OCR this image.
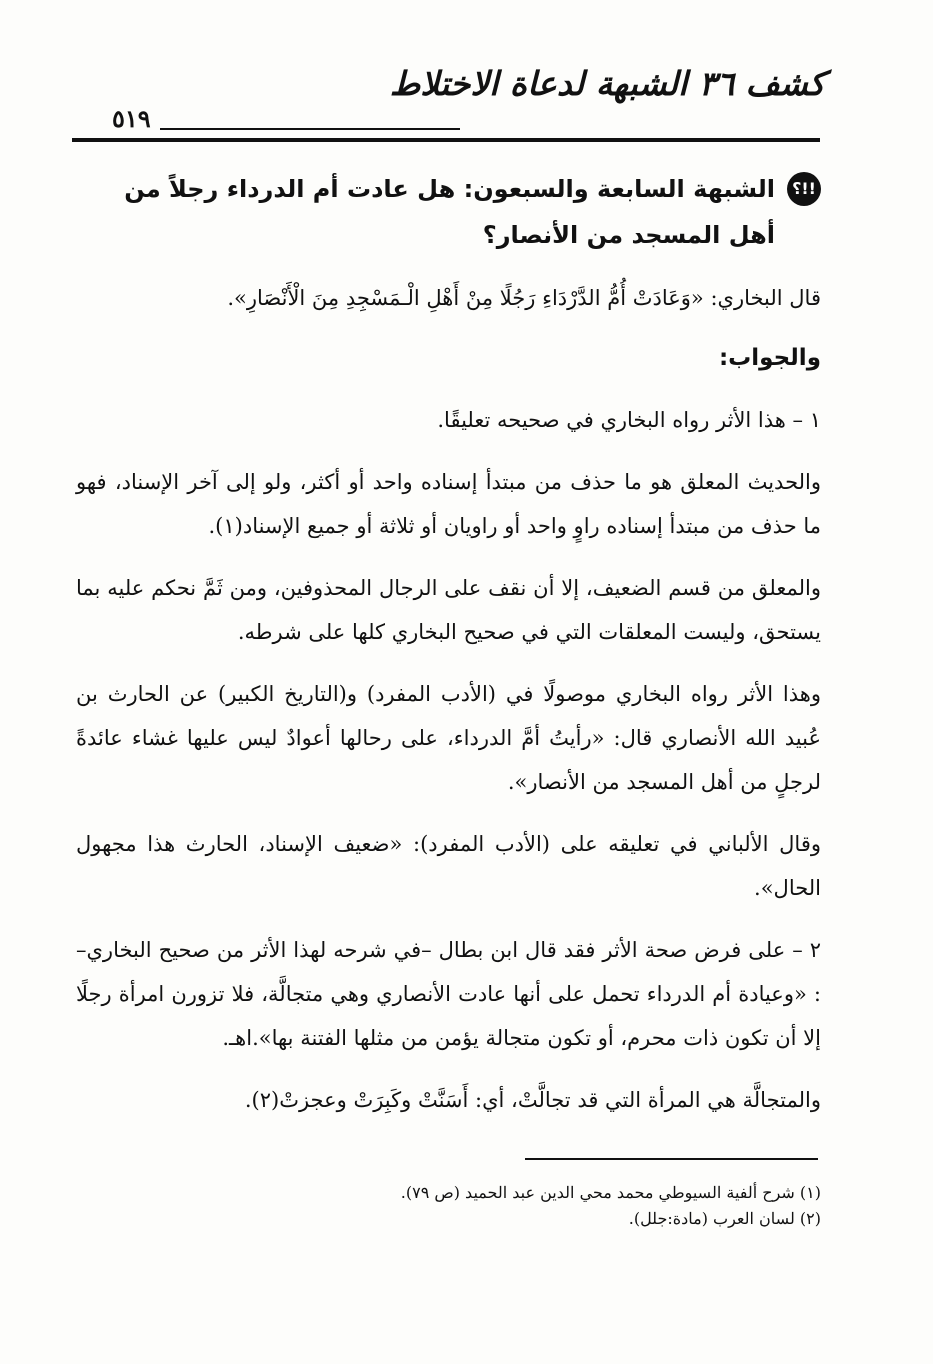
كشف ٣٦ الشبهة لدعاة الاختلاط
٥١٩
!!؟
الشبهة السابعة والسبعون: هل عادت أم الدرداء رجلاً من أهل المسجد من الأنصار؟

قال البخاري: «وَعَادَتْ أُمُّ الدَّرْدَاءِ رَجُلًا مِنْ أَهْلِ الْـمَسْجِدِ مِنَ الْأَنْصَارِ».

والجواب:

١ – هذا الأثر رواه البخاري في صحيحه تعليقًا.

والحديث المعلق هو ما حذف من مبتدأ إسناده واحد أو أكثر، ولو إلى آخر الإسناد، فهو ما حذف من مبتدأ إسناده راوٍ واحد أو راويان أو ثلاثة أو جميع الإسناد(١).

والمعلق من قسم الضعيف، إلا أن نقف على الرجال المحذوفين، ومن ثَمَّ نحكم عليه بما يستحق، وليست المعلقات التي في صحيح البخاري كلها على شرطه.

وهذا الأثر رواه البخاري موصولًا في (الأدب المفرد) و(التاريخ الكبير) عن الحارث بن عُبيد الله الأنصاري قال: «رأيتُ أمَّ الدرداء، على رحالها أعوادٌ ليس عليها غشاء عائدةً لرجلٍ من أهل المسجد من الأنصار».

وقال الألباني في تعليقه على (الأدب المفرد): «ضعيف الإسناد، الحارث هذا مجهول الحال».

٢ – على فرض صحة الأثر فقد قال ابن بطال –في شرحه لهذا الأثر من صحيح البخاري– : «وعيادة أم الدرداء تحمل على أنها عادت الأنصاري وهي متجالَّة، فلا تزورن امرأة رجلًا إلا أن تكون ذات محرم، أو تكون متجالة يؤمن من مثلها الفتنة بها».اهـ.

والمتجالَّة هي المرأة التي قد تجالَّتْ، أي: أَسَنَّتْ وكَبِرَتْ وعجزتْ(٢).

(١) شرح ألفية السيوطي محمد محي الدين عبد الحميد (ص ٧٩).
(٢) لسان العرب (مادة:جلل).
